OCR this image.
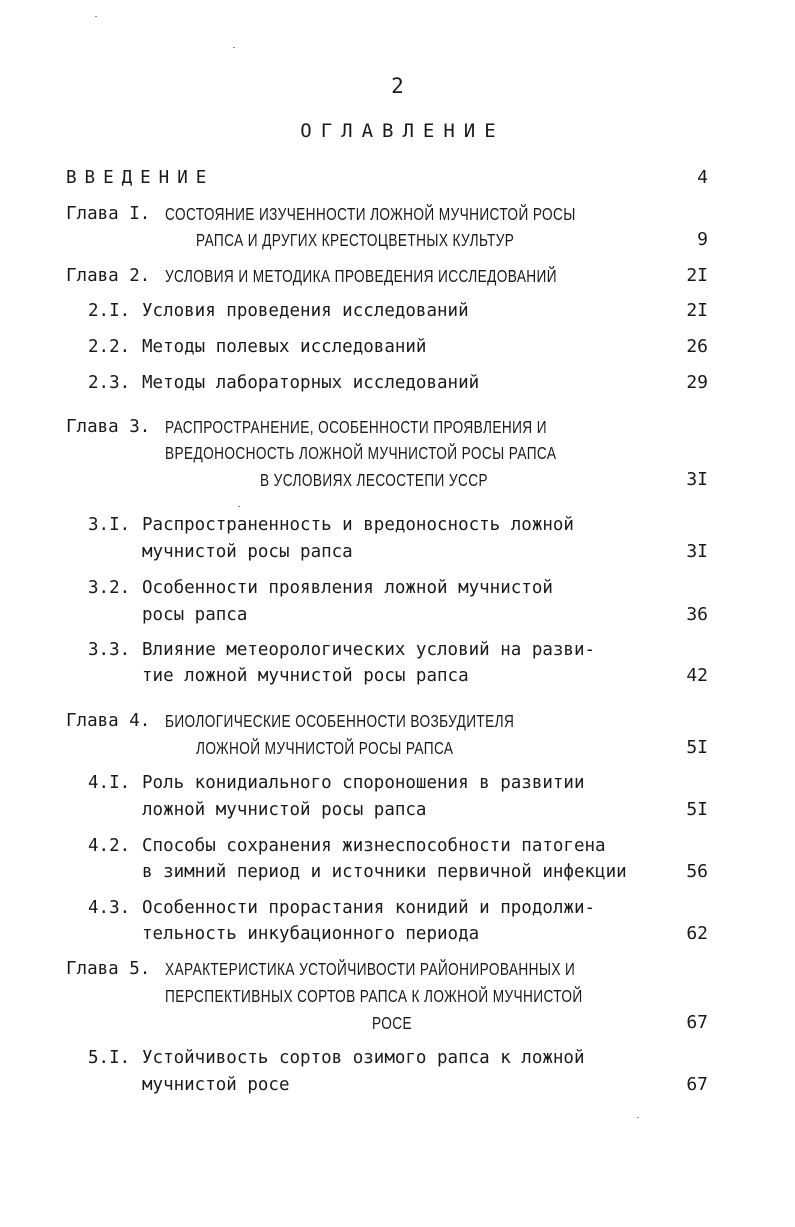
2
ОГЛАВЛЕНИЕ
ВВЕДЕНИЕ	4
Глава I. СОСТОЯНИЕ ИЗУЧЕННОСТИ ЛОЖНОЙ МУЧНИСТОЙ РОСЫ
РАПСА И ДРУГИХ КРЕСТОЦВЕТНЫХ КУЛЬТУР	9
Глава 2. УСЛОВИЯ И МЕТОДИКА ПРОВЕДЕНИЯ ИССЛЕДОВАНИЙ	2I
2.I. Условия проведения исследований	2I
2.2. Методы полевых исследований	26
2.3. Методы лабораторных исследований	29
Глава 3. РАСПРОСТРАНЕНИЕ, ОСОБЕННОСТИ ПРОЯВЛЕНИЯ И
ВРЕДОНОСНОСТЬ ЛОЖНОЙ МУЧНИСТОЙ РОСЫ РАПСА
В УСЛОВИЯХ ЛЕСОСТЕПИ УССР	3I
3.I. Распространенность и вредоносность ложной
мучнистой росы рапса	3I
3.2. Особенности проявления ложной мучнистой
росы рапса	36
3.3. Влияние метеорологических условий на разви-
тие ложной мучнистой росы рапса	42
Глава 4. БИОЛОГИЧЕСКИЕ ОСОБЕННОСТИ ВОЗБУДИТЕЛЯ
ЛОЖНОЙ МУЧНИСТОЙ РОСЫ РАПСА	5I
4.I. Роль конидиального спороношения в развитии
ложной мучнистой росы рапса	5I
4.2. Способы сохранения жизнеспособности патогена
в зимний период и источники первичной инфекции	56
4.3. Особенности прорастания конидий и продолжи-
тельность инкубационного периода	62
Глава 5. ХАРАКТЕРИСТИКА УСТОЙЧИВОСТИ РАЙОНИРОВАННЫХ И
ПЕРСПЕКТИВНЫХ СОРТОВ РАПСА К ЛОЖНОЙ МУЧНИСТОЙ
РОСЕ	67
5.I. Устойчивость сортов озимого рапса к ложной
мучнистой росе	67
